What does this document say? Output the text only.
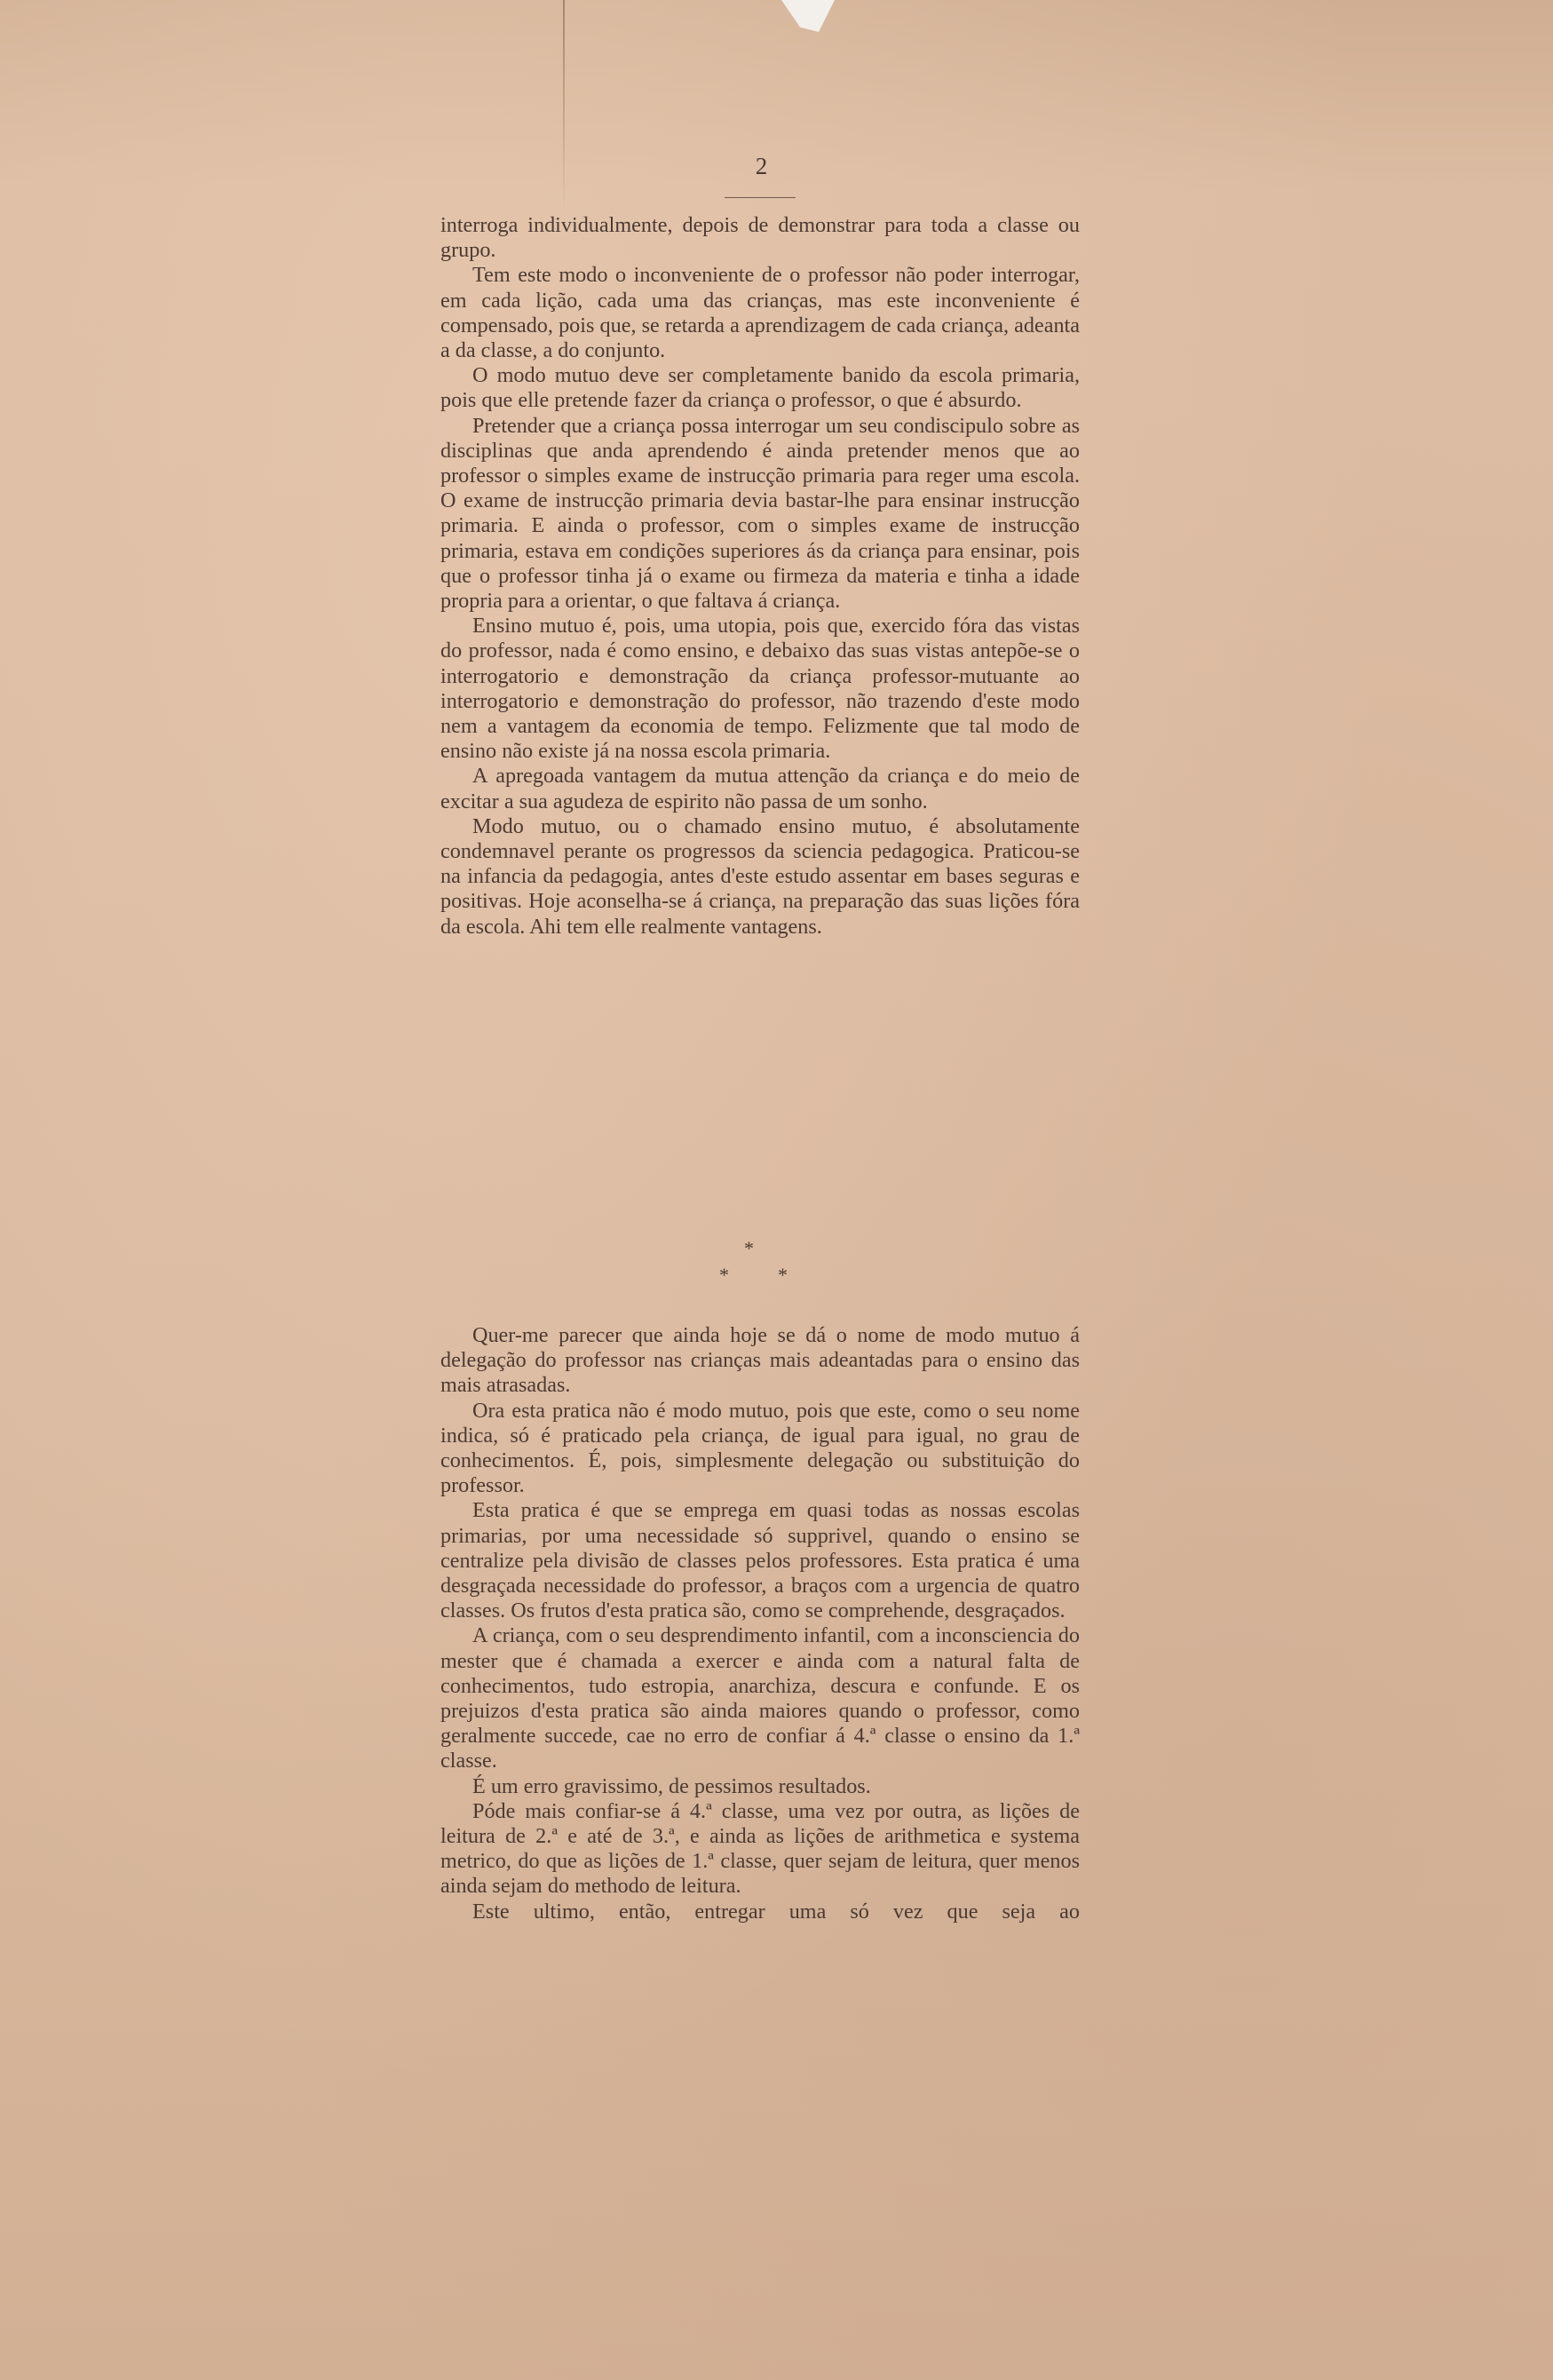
2

interroga individualmente, depois de demonstrar para toda a classe ou grupo.

Tem este modo o inconveniente de o professor não poder interrogar, em cada lição, cada uma das crianças, mas este inconveniente é compensado, pois que, se retarda a aprendizagem de cada criança, adeanta a da classe, a do conjunto.

O modo mutuo deve ser completamente banido da escola primaria, pois que elle pretende fazer da criança o professor, o que é absurdo.

Pretender que a criança possa interrogar um seu condiscipulo sobre as disciplinas que anda aprendendo é ainda pretender menos que ao professor o simples exame de instrucção primaria para reger uma escola. O exame de instrucção primaria devia bastar-lhe para ensinar instrucção primaria. E ainda o professor, com o simples exame de instrucção primaria, estava em condições superiores ás da criança para ensinar, pois que o professor tinha já o exame ou firmeza da materia e tinha a idade propria para a orientar, o que faltava á criança.

Ensino mutuo é, pois, uma utopia, pois que, exercido fóra das vistas do professor, nada é como ensino, e debaixo das suas vistas antepõe-se o interrogatorio e demonstração da criança professor-mutuante ao interrogatorio e demonstração do professor, não trazendo d'este modo nem a vantagem da economia de tempo. Felizmente que tal modo de ensino não existe já na nossa escola primaria.

A apregoada vantagem da mutua attenção da criança e do meio de excitar a sua agudeza de espirito não passa de um sonho.

Modo mutuo, ou o chamado ensino mutuo, é absolutamente condemnavel perante os progressos da sciencia pedagogica. Praticou-se na infancia da pedagogia, antes d'este estudo assentar em bases seguras e positivas. Hoje aconselha-se á criança, na preparação das suas lições fóra da escola. Ahi tem elle realmente vantagens.

*
*	*

Quer-me parecer que ainda hoje se dá o nome de modo mutuo á delegação do professor nas crianças mais adeantadas para o ensino das mais atrasadas.

Ora esta pratica não é modo mutuo, pois que este, como o seu nome indica, só é praticado pela criança, de igual para igual, no grau de conhecimentos. É, pois, simplesmente delegação ou substituição do professor.

Esta pratica é que se emprega em quasi todas as nossas escolas primarias, por uma necessidade só supprivel, quando o ensino se centralize pela divisão de classes pelos professores. Esta pratica é uma desgraçada necessidade do professor, a braços com a urgencia de quatro classes. Os frutos d'esta pratica são, como se comprehende, desgraçados.

A criança, com o seu desprendimento infantil, com a inconsciencia do mester que é chamada a exercer e ainda com a natural falta de conhecimentos, tudo estropia, anarchiza, descura e confunde. E os prejuizos d'esta pratica são ainda maiores quando o professor, como geralmente succede, cae no erro de confiar á 4.ª classe o ensino da 1.ª classe.

É um erro gravissimo, de pessimos resultados.

Póde mais confiar-se á 4.ª classe, uma vez por outra, as lições de leitura de 2.ª e até de 3.ª, e ainda as lições de arithmetica e systema metrico, do que as lições de 1.ª classe, quer sejam de leitura, quer menos ainda sejam do methodo de leitura.

Este ultimo, então, entregar uma só vez que seja ao
